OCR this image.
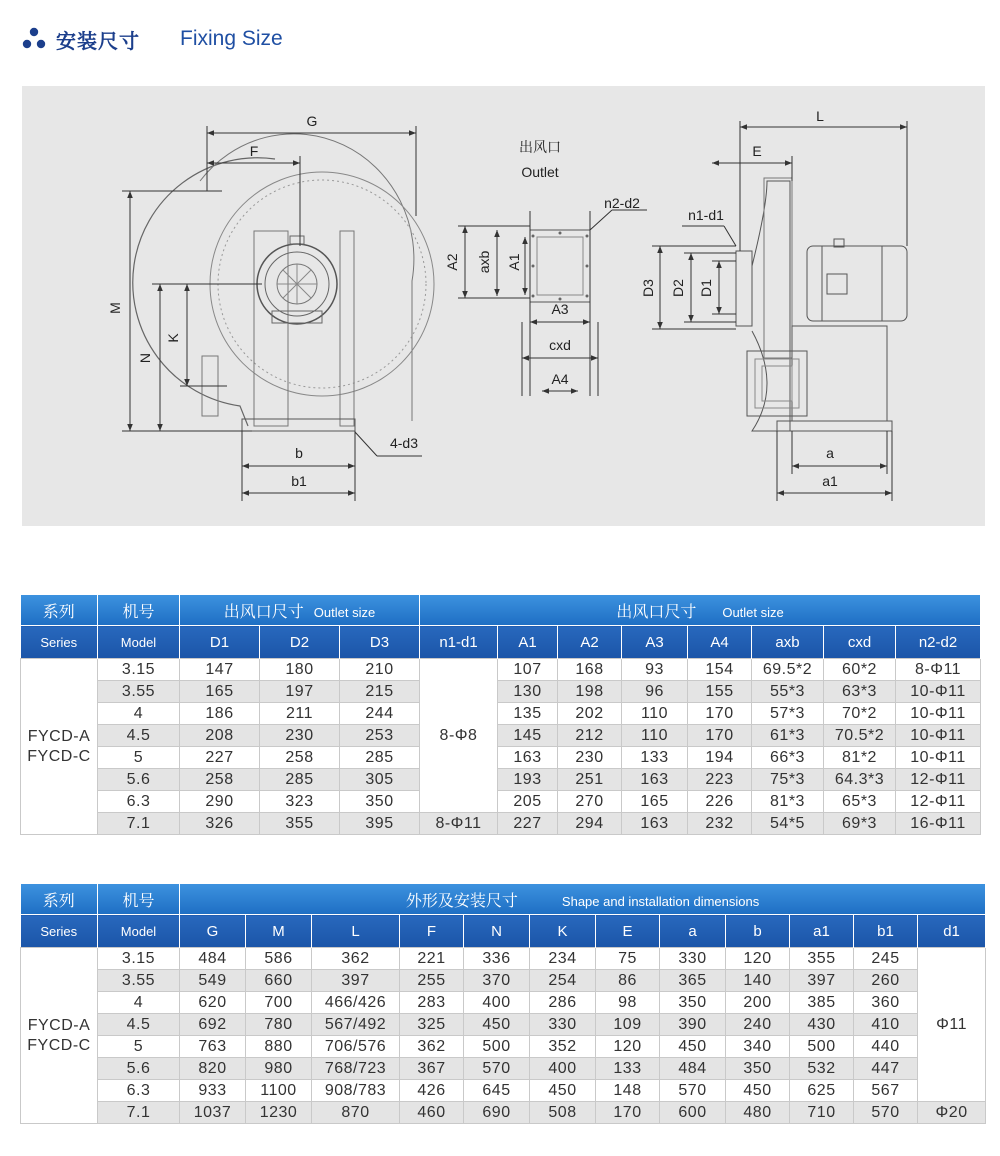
安装尺寸 Fixing Size
G
F
M
N
K
b
b1
4-d3
出风口
Outlet
n2-d2
A2 axb A1
A3
cxd
A4
L
E
n1-d1
D3 D2 D1
a
a1
系列	机号	出风口尺寸 Outlet size			出风口尺寸 Outlet size							
Series	Model	D1	D2	D3	n1-d1	A1	A2	A3	A4	axb	cxd	n2-d2

FYCD-A
FYCD-C	3.15	147	180	210	8-Φ8	107	168	93	154	69.5*2	60*2	8-Φ11
	3.55	165	197	215		130	198	96	155	55*3	63*3	10-Φ11
	4	186	211	244		135	202	110	170	57*3	70*2	10-Φ11
	4.5	208	230	253		145	212	110	170	61*3	70.5*2	10-Φ11
	5	227	258	285		163	230	133	194	66*3	81*2	10-Φ11
	5.6	258	285	305		193	251	163	223	75*3	64.3*3	12-Φ11
	6.3	290	323	350		205	270	165	226	81*3	65*3	12-Φ11
	7.1	326	355	395	8-Φ11	227	294	163	232	54*5	69*3	16-Φ11
系列	机号	外形及安装尺寸 Shape and installation dimensions											
Series	Model	G	M	L	F	N	K	E	a	b	a1	b1	d1

FYCD-A
FYCD-C	3.15	484	586	362	221	336	234	75	330	120	355	245	Φ11
	3.55	549	660	397	255	370	254	86	365	140	397	260	
	4	620	700	466/426	283	400	286	98	350	200	385	360	
	4.5	692	780	567/492	325	450	330	109	390	240	430	410	
	5	763	880	706/576	362	500	352	120	450	340	500	440	
	5.6	820	980	768/723	367	570	400	133	484	350	532	447	
	6.3	933	1100	908/783	426	645	450	148	570	450	625	567	
	7.1	1037	1230	870	460	690	508	170	600	480	710	570	Φ20
